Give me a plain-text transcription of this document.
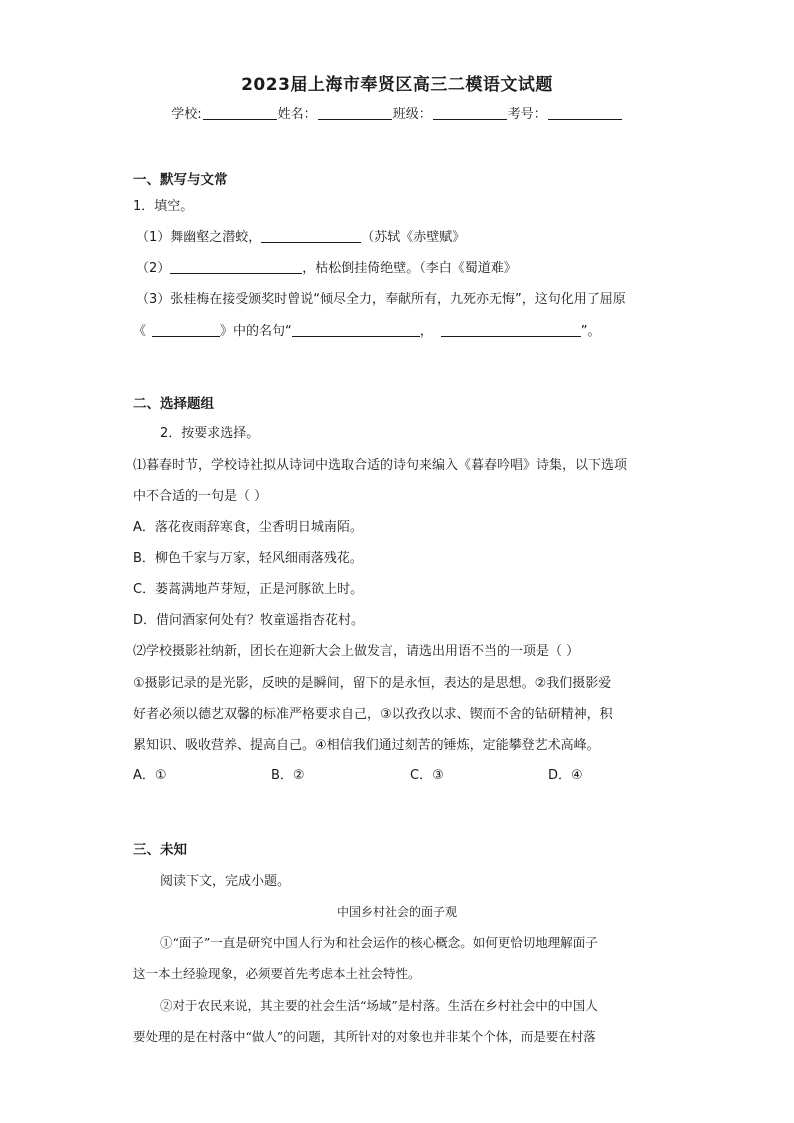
2023届上海市奉贤区高三二模语文试题
学校:	姓名：	班级：	考号：
一、默写与文常
1．填空。
（1）舞幽壑之潜蛟，	（苏轼《赤壁赋》
（2）	，枯松倒挂倚绝壁。（李白《蜀道难》
（3）张桂梅在接受颁奖时曾说“倾尽全力，奉献所有，九死亦无悔”，这句化用了屈原
《	》中的名句“	，	”。
二、选择题组
2．按要求选择。
⑴暮春时节，学校诗社拟从诗词中选取合适的诗句来编入《暮春吟唱》诗集，以下选项
中不合适的一句是（ ）
A．落花夜雨辞寒食，尘香明日城南陌。
B．柳色千家与万家，轻风细雨落残花。
C．蒌蒿满地芦芽短，正是河豚欲上时。
D．借问酒家何处有？牧童遥指杏花村。
⑵学校摄影社纳新，团长在迎新大会上做发言，请选出用语不当的一项是（ ）
①摄影记录的是光影，反映的是瞬间，留下的是永恒，表达的是思想。②我们摄影爱
好者必须以德艺双馨的标准严格要求自己，③以孜孜以求、锲而不舍的钻研精神，积
累知识、吸收营养、提高自己。④相信我们通过刻苦的锤炼，定能攀登艺术高峰。
A．①	B．②	C．③	D．④
三、未知
阅读下文，完成小题。
中国乡村社会的面子观
①“面子”一直是研究中国人行为和社会运作的核心概念。如何更恰切地理解面子
这一本土经验现象，必须要首先考虑本土社会特性。
②对于农民来说，其主要的社会生活“场域”是村落。生活在乡村社会中的中国人
要处理的是在村落中“做人”的问题，其所针对的对象也并非某个个体，而是要在村落
